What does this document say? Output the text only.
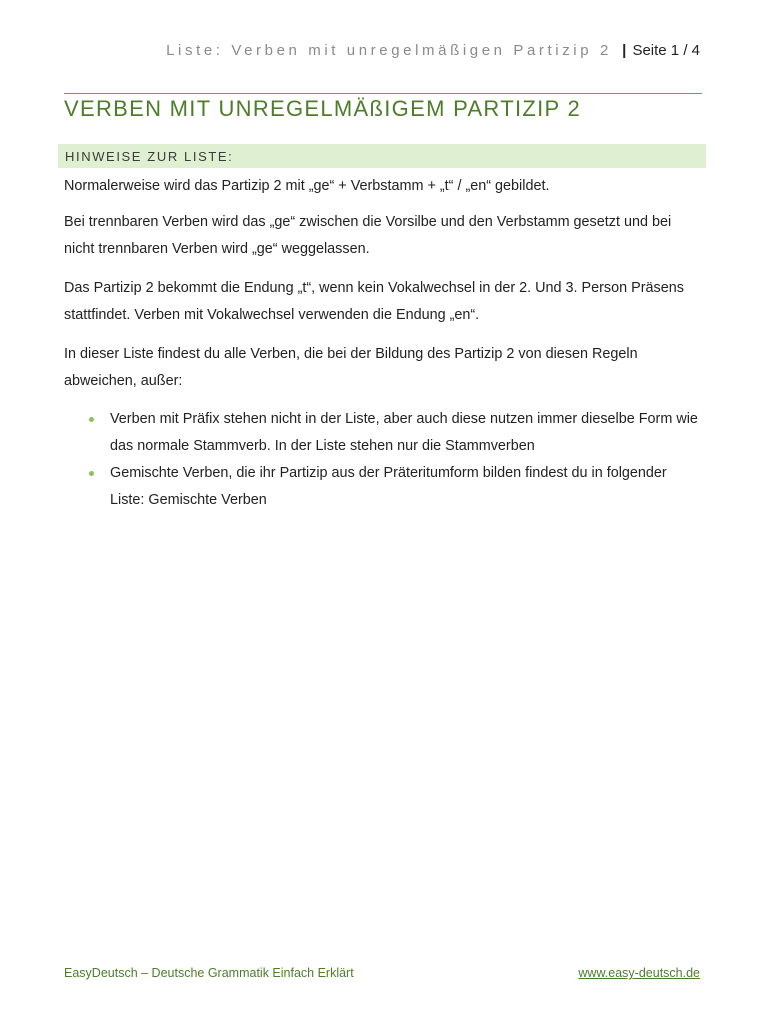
Liste: Verben mit unregelmäßigen Partizip 2 | Seite 1 / 4
VERBEN MIT UNREGELMÄßIGEM PARTIZIP 2
HINWEISE ZUR LISTE:

Normalerweise wird das Partizip 2 mit „ge“ + Verbstamm + „t“ / „en“ gebildet.

Bei trennbaren Verben wird das „ge“ zwischen die Vorsilbe und den Verbstamm gesetzt und bei nicht trennbaren Verben wird „ge“ weggelassen.

Das Partizip 2 bekommt die Endung „t“, wenn kein Vokalwechsel in der 2. Und 3. Person Präsens stattfindet. Verben mit Vokalwechsel verwenden die Endung „en“.

In dieser Liste findest du alle Verben, die bei der Bildung des Partizip 2 von diesen Regeln abweichen, außer:

Verben mit Präfix stehen nicht in der Liste, aber auch diese nutzen immer dieselbe Form wie das normale Stammverb. In der Liste stehen nur die Stammverben
Gemischte Verben, die ihr Partizip aus der Präteritumform bilden findest du in folgender Liste: Gemischte Verben
EasyDeutsch – Deutsche Grammatik Einfach Erklärt	www.easy-deutsch.de
